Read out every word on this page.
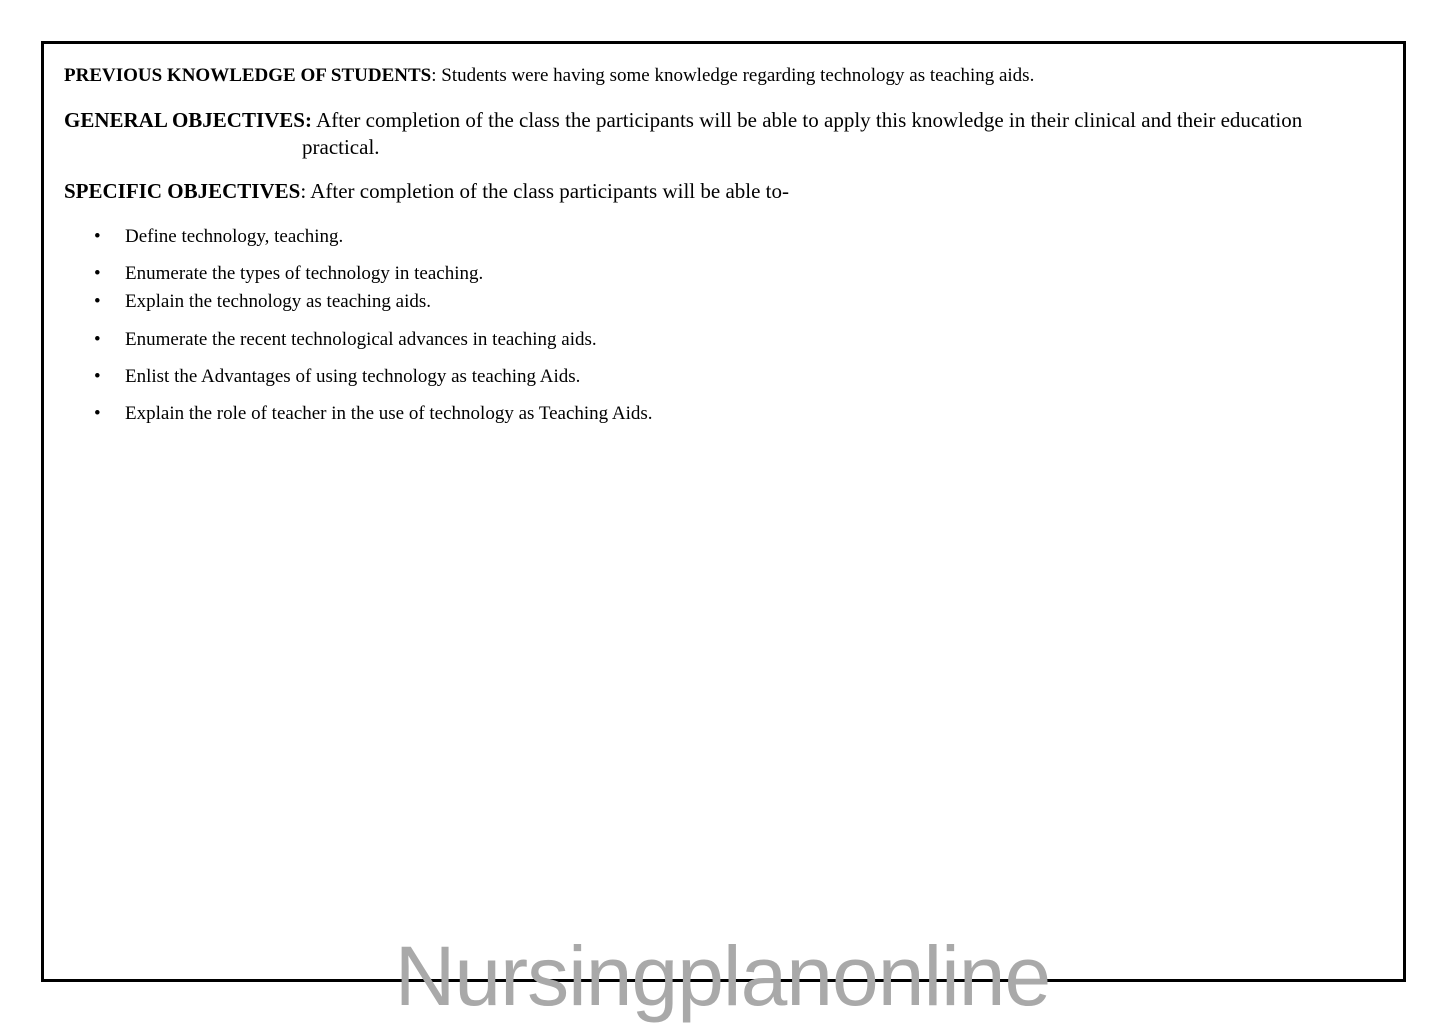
PREVIOUS KNOWLEDGE OF STUDENTS: Students were having some knowledge regarding technology as teaching aids.

GENERAL OBJECTIVES: After completion of the class the participants will be able to apply this knowledge in their clinical and their education
practical.

SPECIFIC OBJECTIVES: After completion of the class participants will be able to-

• Define technology, teaching.
• Enumerate the types of technology in teaching.
• Explain the technology as teaching aids.
• Enumerate the recent technological advances in teaching aids.
• Enlist the Advantages of using technology as teaching Aids.
• Explain the role of teacher in the use of technology as Teaching Aids.
Nursingplanonline
